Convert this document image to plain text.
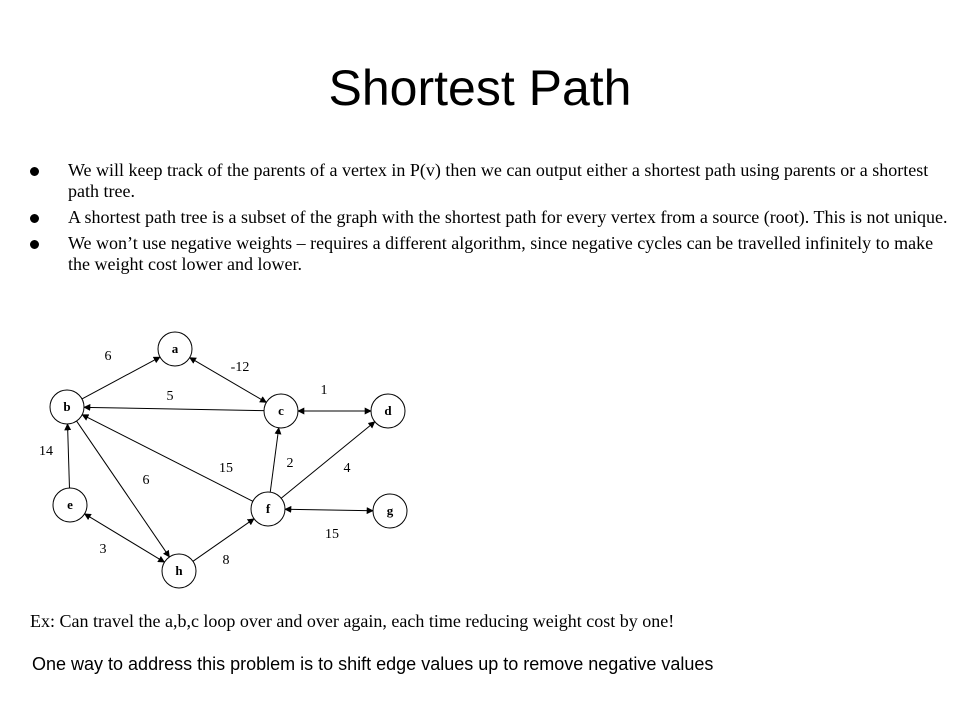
Shortest Path
We will keep track of the parents of a vertex in P(v) then we can output either a shortest path using parents or a shortest path tree.
A shortest path tree is a subset of the graph with the shortest path for every vertex from a source (root). This is not unique.
We won’t use negative weights – requires a different algorithm, since negative cycles can be travelled infinitely to make the weight cost lower and lower.
6
-12
5	1
14
15
6
2	4
15
3
8
a
b	c	d
e	f	g
h
Ex: Can travel the a,b,c loop over and over again, each time reducing weight cost by one!
One way to address this problem is to shift edge values up to remove negative values
